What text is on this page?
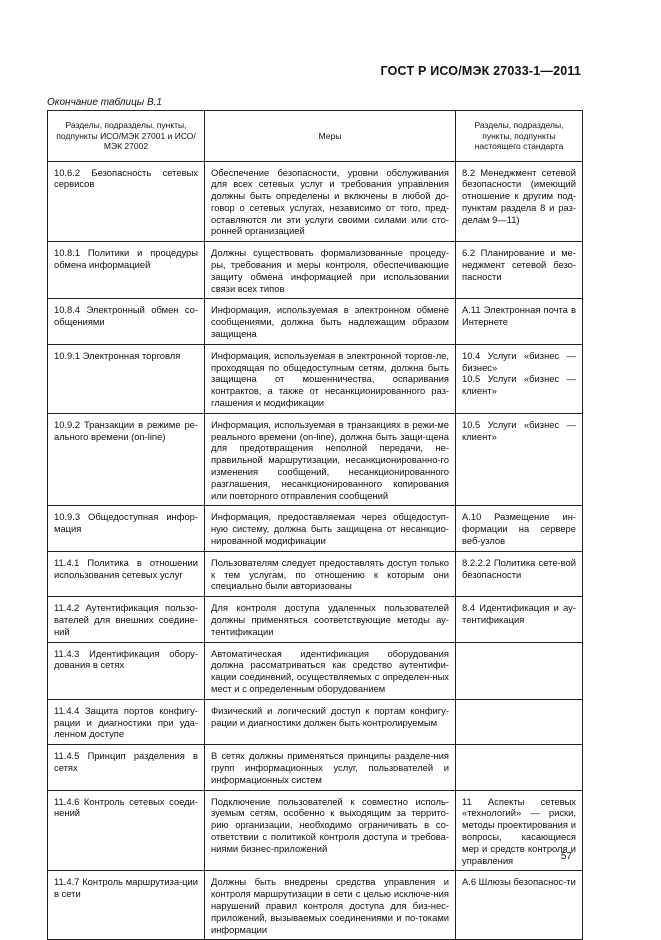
ГОСТ Р ИСО/МЭК 27033-1—2011
Окончание таблицы В.1
Разделы, подразделы, пункты, подпункты ИСО/МЭК 27001 и ИСО/МЭК 27002	Меры	Разделы, подразделы, пункты, подпункты настоящего стандарта
10.6.2 Безопасность сетевых сервисов	Обеспечение безопасности, уровни обслуживания для всех сетевых услуг и требования управления должны быть определены и включены в любой до-говор о сетевых услугах, независимо от того, пред-оставляются ли эти услуги своими силами или сто-ронней организацией	8.2 Менеджмент сетевой безопасности (имеющий отношение к другим под-пунктам раздела 8 и раз-делам 9—11)
10.8.1 Политики и процедуры обмена информацией	Должны существовать формализованные процеду-ры, требования и меры контроля, обеспечивающие защиту обмена информацией при использовании связи всех типов	6.2 Планирование и ме-неджмент сетевой безо-пасности
10.8.4 Электронный обмен со-общениями	Информация, используемая в электронном обмене сообщениями, должна быть надлежащим образом защищена	А.11 Электронная почта в Интернете
10.9.1 Электронная торговля	Информация, используемая в электронной торгов-ле, проходящая по общедоступным сетям, должна быть защищена от мошенничества, оспаривания контрактов, а также от несанкционированного раз-глашения и модификации	10.4 Услуги «бизнес — бизнес»
10.5 Услуги «бизнес — клиент»
10.9.2 Транзакции в режиме ре-ального времени (on-line)	Информация, используемая в транзакциях в режи-ме реального времени (on-line), должна быть защи-щена для предотвращения неполной передачи, не-правильной маршрутизации, несанкционированно-го изменения сообщений, несанкционированного разглашения, несанкционированного копирования или повторного отправления сообщений	10.5 Услуги «бизнес — клиент»
10.9.3 Общедоступная инфор-мация	Информация, предоставляемая через общедоступ-ную систему, должна быть защищена от несанкцио-нированной модификации	А.10 Размещение ин-формации на сервере веб-узлов
11.4.1 Политика в отношении использования сетевых услуг	Пользователям следует предоставлять доступ только к тем услугам, по отношению к которым они специально были авторизованы	8.2.2.2 Политика сете-вой безопасности
11.4.2 Аутентификация пользо-вателей для внешних соедине-ний	Для контроля доступа удаленных пользователей должны применяться соответствующие методы ау-тентификации	8.4 Идентификация и ау-тентификация
11.4.3 Идентификация обору-дования в сетях	Автоматическая идентификация оборудования должна рассматриваться как средство аутентифи-кации соединений, осуществляемых с определен-ных мест и с определенным оборудованием	
11.4.4 Защита портов конфигу-рации и диагностики при уда-ленном доступе	Физический и логический доступ к портам конфигу-рации и диагностики должен быть контролируемым	
11.4.5 Принцип разделения в сетях	В сетях должны применяться принципы разделе-ния групп информационных услуг, пользователей и информационных систем	
11.4.6 Контроль сетевых соеди-нений	Подключение пользователей к совместно исполь-зуемым сетям, особенно к выходящим за террито-рию организации, необходимо ограничивать в со-ответствии с политикой контроля доступа и требова-ниями бизнес-приложений	11 Аспекты сетевых «технологий» — риски, методы проектирования и вопросы, касающиеся мер и средств контроля и управления
11.4.7 Контроль маршрутиза-ции в сети	Должны быть внедрены средства управления и контроля маршрутизации в сети с целью исключе-ния нарушений правил контроля доступа для биз-нес-приложений, вызываемых соединениями и по-токами информации	А.6 Шлюзы безопаснос-ти
57
